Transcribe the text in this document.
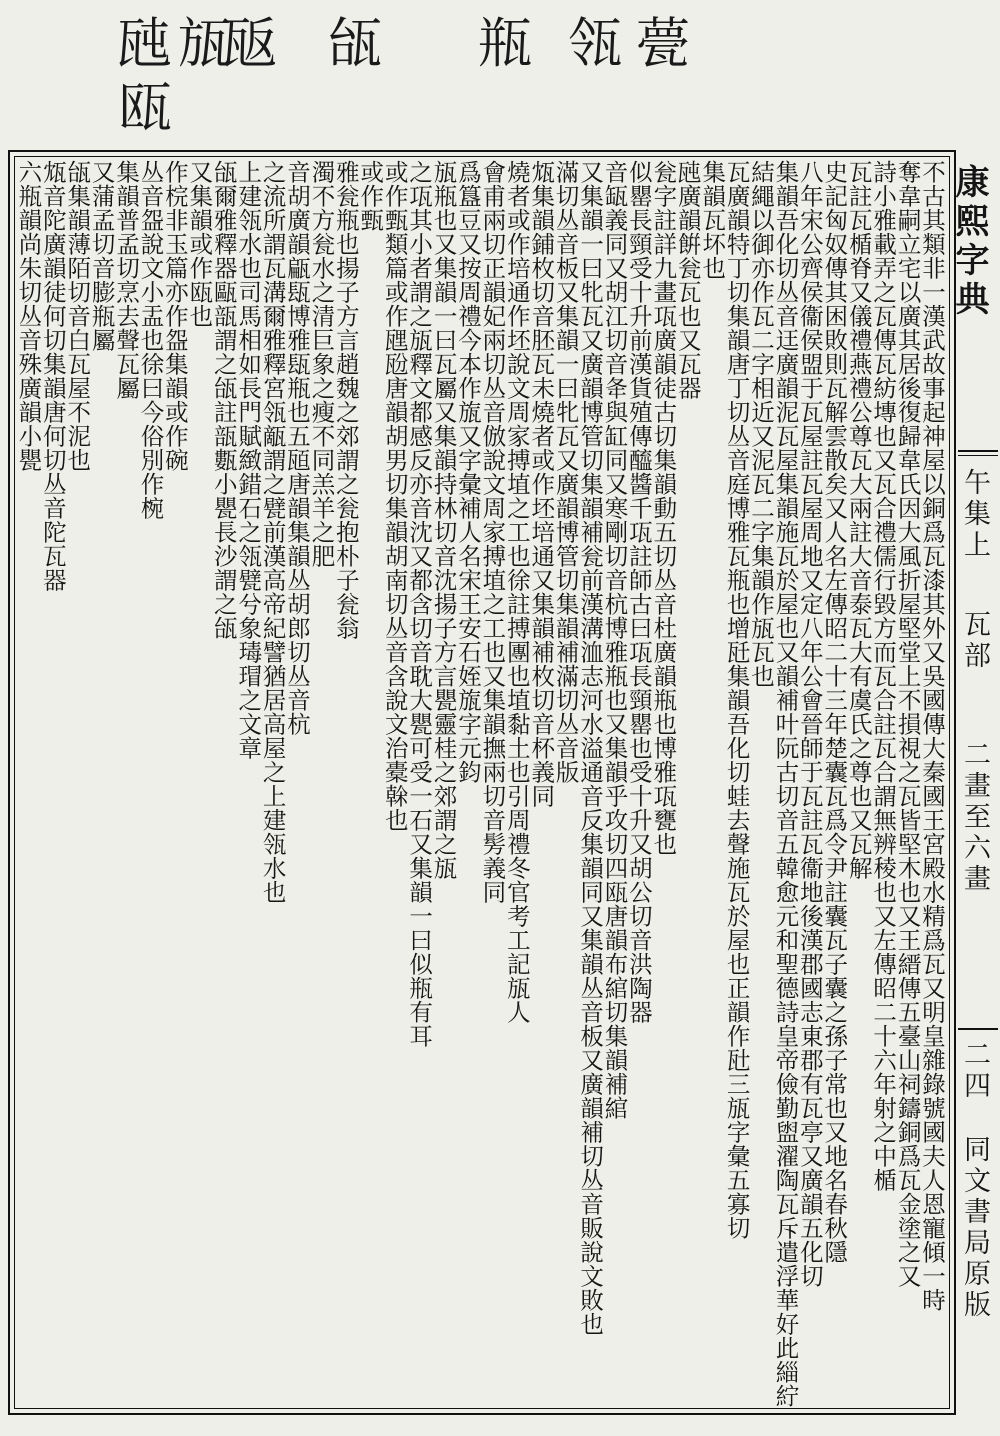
甍
瓴
瓶
瓵
瓪
瓬
瓲
瓯
不古其類非一漢武故事起神屋以銅爲瓦漆其外又吳國傳大秦國王宮殿水精爲瓦又明皇雜錄號國夫人恩寵傾一時
奪韋嗣立宅以廣其居後復歸韋氏因大風折屋堅堂上不損視之瓦皆堅木也又王縉傳五臺山祠鑄銅爲瓦金塗之又
詩小雅載弄之瓦傳瓦紡塼也又瓦合禮儒行毀方而瓦合註瓦合謂無辨稜也又左傳昭二十六年射之中楯
瓦註瓦楯脊又儀禮燕禮公尊瓦大兩註大音泰瓦大有虞氏之尊也又瓦解
史記匈奴傳其困敗則瓦解雲散矣又人名左傳昭二十三年楚囊瓦爲令尹註囊瓦子囊之孫子常也又地名春秋隱
八年宋公齊侯衞侯盟于瓦屋註瓦屋周地又定八年公會晉師于瓦註瓦衞地後漢郡國志東郡有瓦亭又廣韻五化切
集韻吾化切丛音迋廣韻泥瓦屋集韻施瓦於屋也又韻補叶阮古切音五韓愈元和聖德詩皇帝儉勤盥濯陶瓦斥遣浮華好此緇紵
結繩以御亦作瓦二字相近又泥瓦二字集韻作瓬瓦也
瓦廣韻特丁切集韻唐丁切丛音庭博雅瓦瓶也增瓩集韻吾化切蛙去聲施瓦於屋也正韻作瓧三瓬字彙五寡切
集韻瓦坏也
瓲廣韻餠瓮瓦也又瓦器
瓮字註詳九畫瓨廣韻徒古切集韻動五切丛音杜廣韻瓶也博雅瓨甕也
似罌長頸受十升前漢貨殖傳醯醬千瓨註師古曰瓨長頸罌也受十升又胡公切音洪陶器
音缻義同又胡江切音夅與缸同又寒剛切音杭博雅瓶也又集韻乎攻切四瓯唐韻布綰切集韻補綰
又集韻一曰牝瓦又廣韻博管切集韻補瓮前漢溝洫志河水溢通音反集韻同又集韻丛音板又廣韻補切丛音販說文敗也
滿切丛音板又集韻一曰牝瓦又廣韻博管切集韻補滿切丛音版
瓭集韻鋪枚切音胚瓦未燒者或作坯培通又集韻補枚切音杯義同
燒者或作培通作坯說文周家搏埴之工也徐註搏團也埴黏土也引周禮冬官考工記瓬人
會甫兩切正韻妃兩切丛音倣說文周家搏埴之工也又集韻撫兩切音髣義同
爲簋豆又按周禮今本作旊又字彙補人名宋王安石姪旊字元鈞
瓬瓶也又集韻一曰瓦屬又集韻持林切音沈揚子方言甖靈桂之郊謂之瓬
之瓨其小者謂之瓬釋文都感反亦音沈又都含切音耽大甖可受一石又集韻一曰似瓶有耳
或作甄類篇或作瓼瓰唐韻胡男切集韻胡南切丛音含說文治橐榦也
或作甄
雅瓮瓶也揚子方言趙魏之郊謂之瓮抱朴子瓮翁
濁不方瓮水之清巨象之瘦不同羔羊之肥
音胡廣韻甂瓺博雅瓺瓶也五瓸唐韻集韻丛胡郎切丛音杭
之流所謂瓦溝爾雅釋宮瓴甋謂之甓前漢高帝紀譬猶居高屋之上建瓴水也
上建瓴水也司馬相如長門賦緻錯石之瓴甓兮象瑇瑁之文章
瓵爾雅釋器甌瓿謂之瓵註瓿甊小甖長沙謂之瓵
又集韻或作瓯也
作梡非玉篇亦作盌集韻或作碗
丛音盌說文小盂也徐曰今俗別作椀
集韻普孟切烹去聲瓦屬
又蒲孟切音膨瓶屬
瓵集韻薄陌切音白瓦屋不泥也
瓭音陀廣韻徒何切集韻唐何切丛音陀瓦器
六瓶韻尚朱切丛音殊廣韻小甖	康熙字典
午集上
瓦部
二畫至六畫
二四
同文書局原版
